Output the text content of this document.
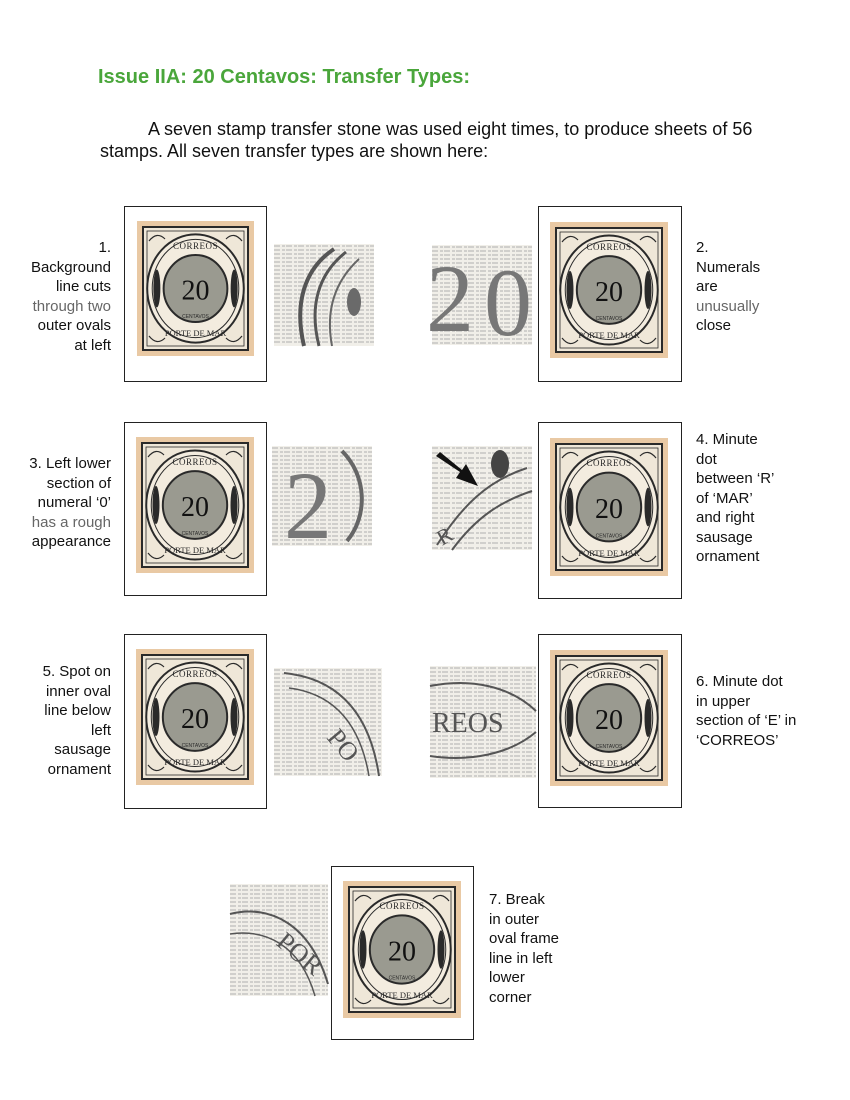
Issue IIA: 20 Centavos: Transfer Types:
A seven stamp transfer stone was used eight times, to produce sheets of 56 stamps. All seven transfer types are shown here:
1.
Background
line cuts
through two
outer ovals
at left
CORREOS
20
CENTAVOS
PORTE DE MAR 2 0
CORREOS
20
CENTAVOS
PORTE DE MAR
2.
Numerals
are
unusually
close
3. Left lower
section of
numeral ‘0’
has a rough
appearance
CORREOS
20
CENTAVOS
PORTE DE MAR 2	R
CORREOS
20
CENTAVOS
PORTE DE MAR
4. Minute
dot
between ‘R’
of ‘MAR’
and right
sausage
ornament
5. Spot on
inner oval
line below
left
sausage
ornament
CORREOS
20
CENTAVOS
PORTE DE MAR	PO REOS
CORREOS
20
CENTAVOS
PORTE DE MAR
6. Minute dot
in upper
section of ‘E’ in
‘CORREOS’
POR
CORREOS
20
CENTAVOS
PORTE DE MAR
7. Break
in outer
oval frame
line in left
lower
corner
